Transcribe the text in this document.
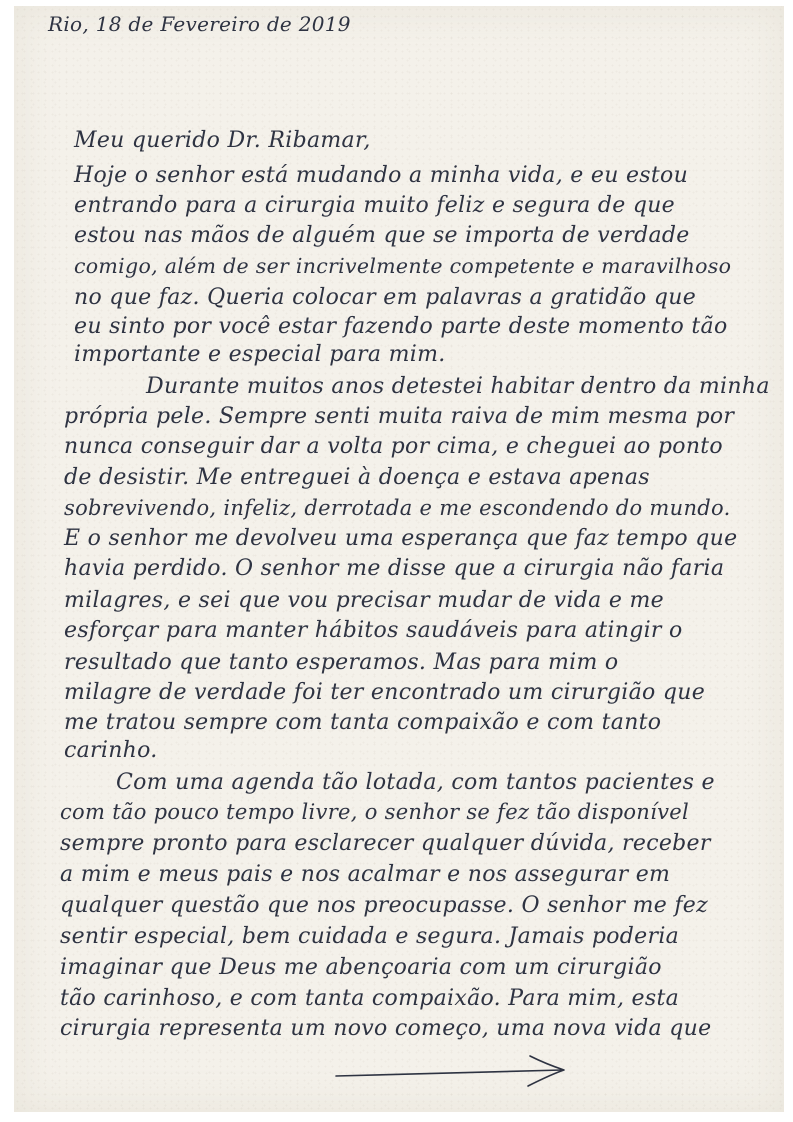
Rio, 18 de Fevereiro de 2019
Meu querido Dr. Ribamar,
Hoje o senhor está mudando a minha vida, e eu estou
entrando para a cirurgia muito feliz e segura de que
estou nas mãos de alguém que se importa de verdade
comigo, além de ser incrivelmente competente e maravilhoso
no que faz. Queria colocar em palavras a gratidão que
eu sinto por você estar fazendo parte deste momento tão
importante e especial para mim.
Durante muitos anos detestei habitar dentro da minha
própria pele. Sempre senti muita raiva de mim mesma por
nunca conseguir dar a volta por cima, e cheguei ao ponto
de desistir. Me entreguei à doença e estava apenas
sobrevivendo, infeliz, derrotada e me escondendo do mundo.
E o senhor me devolveu uma esperança que faz tempo que
havia perdido. O senhor me disse que a cirurgia não faria
milagres, e sei que vou precisar mudar de vida e me
esforçar para manter hábitos saudáveis para atingir o
resultado que tanto esperamos. Mas para mim o
milagre de verdade foi ter encontrado um cirurgião que
me tratou sempre com tanta compaixão e com tanto
carinho.
Com uma agenda tão lotada, com tantos pacientes e
com tão pouco tempo livre, o senhor se fez tão disponível
sempre pronto para esclarecer qualquer dúvida, receber
a mim e meus pais e nos acalmar e nos assegurar em
qualquer questão que nos preocupasse. O senhor me fez
sentir especial, bem cuidada e segura. Jamais poderia
imaginar que Deus me abençoaria com um cirurgião
tão carinhoso, e com tanta compaixão. Para mim, esta
cirurgia representa um novo começo, uma nova vida que
